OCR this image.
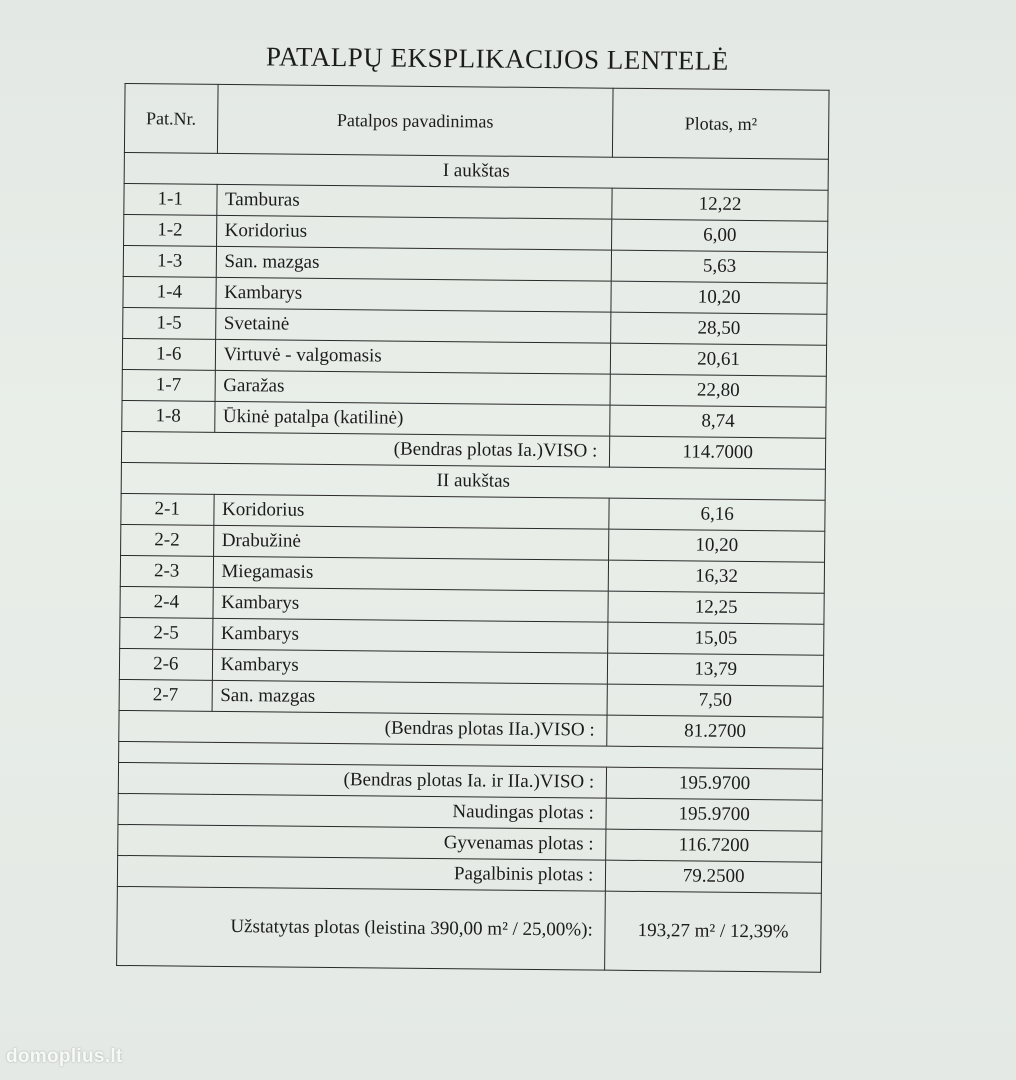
PATALPŲ EKSPLIKACIJOS LENTELĖ
Pat.Nr.	Patalpos pavadinimas	Plotas, m²
I aukštas		
1-1	Tamburas	12,22
1-2	Koridorius	6,00
1-3	San. mazgas	5,63
1-4	Kambarys	10,20
1-5	Svetainė	28,50
1-6	Virtuvė - valgomasis	20,61
1-7	Garažas	22,80
1-8	Ūkinė patalpa (katilinė)	8,74
(Bendras plotas Ia.)VISO :		114.7000
II aukštas		
2-1	Koridorius	6,16
2-2	Drabužinė	10,20
2-3	Miegamasis	16,32
2-4	Kambarys	12,25
2-5	Kambarys	15,05
2-6	Kambarys	13,79
2-7	San. mazgas	7,50
(Bendras plotas IIa.)VISO :		81.2700

(Bendras plotas Ia. ir IIa.)VISO :		195.9700
Naudingas plotas :		195.9700
Gyvenamas plotas :		116.7200
Pagalbinis plotas :		79.2500
Užstatytas plotas (leistina 390,00 m² / 25,00%):		193,27 m² / 12,39%
domoplius.lt
